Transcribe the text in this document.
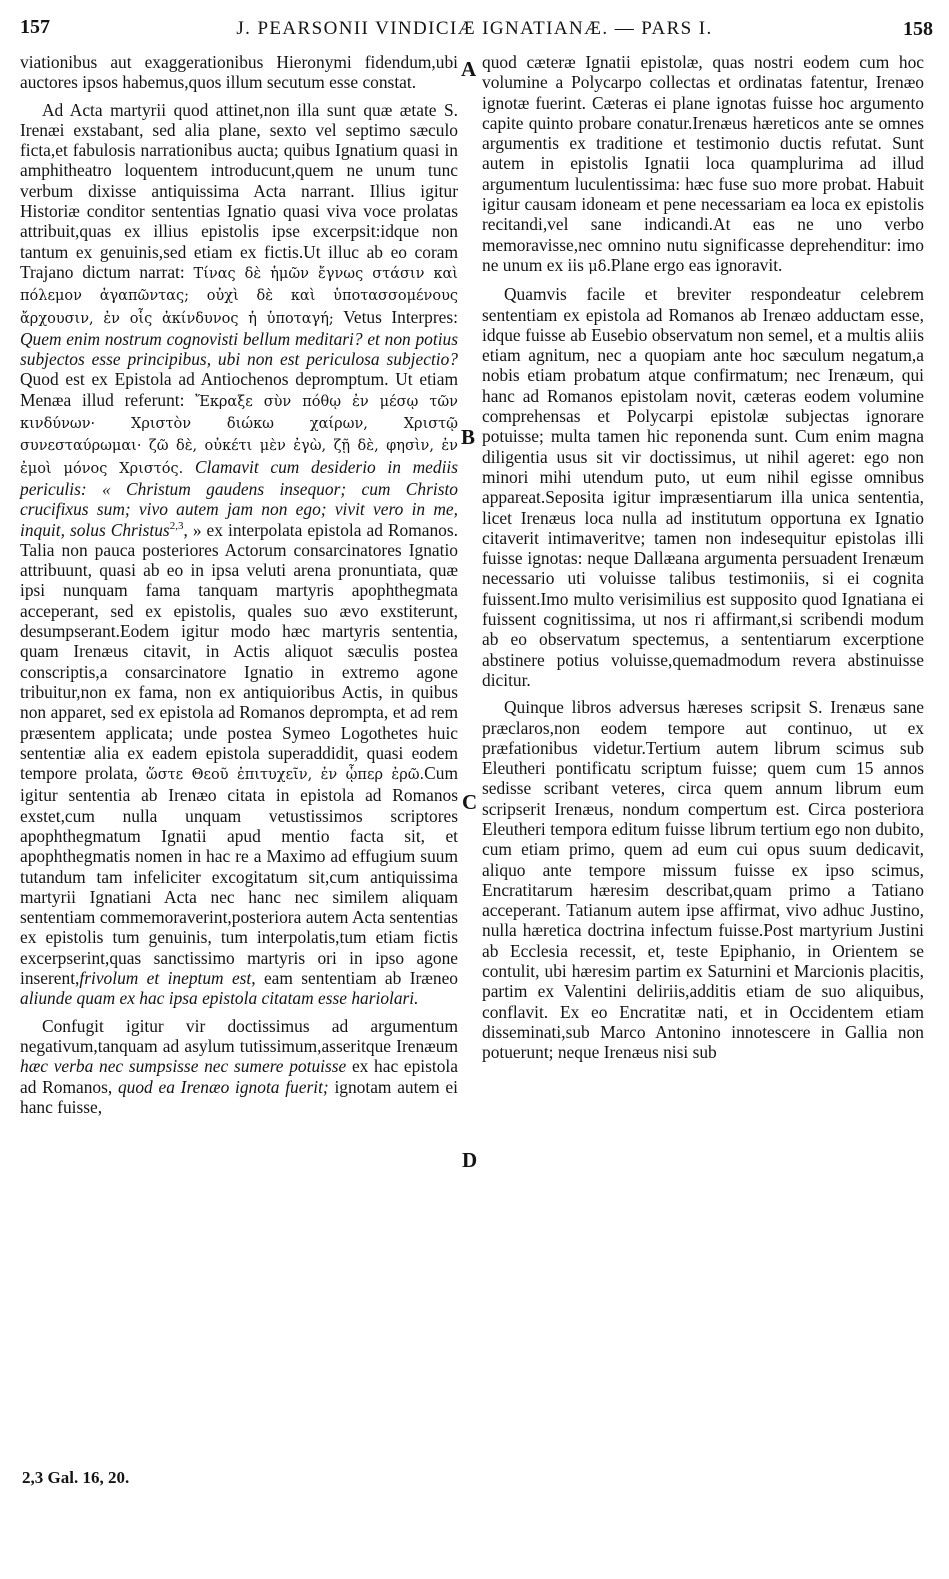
157	J. PEARSONII VINDICIÆ IGNATIANÆ. — PARS I.	158
A
B
C
D

viationibus aut exaggerationibus Hieronymi fidendum,ubi auctores ipsos habemus,quos illum secutum esse constat.

Ad Acta martyrii quod attinet,non illa sunt quæ ætate S. Irenæi exstabant, sed alia plane, sexto vel septimo sæculo ficta,et fabulosis narrationibus aucta; quibus Ignatium quasi in amphitheatro loquentem introducunt,quem ne unum tunc verbum dixisse antiquissima Acta narrant. Illius igitur Historiæ conditor sententias Ignatio quasi viva voce prolatas attribuit,quas ex illius epistolis ipse excerpsit:idque non tantum ex genuinis,sed etiam ex fictis.Ut illuc ab eo coram Trajano dictum narrat: Τίνας δὲ ἡμῶν ἔγνως στάσιν καὶ πόλεμον ἀγαπῶντας; οὐχὶ δὲ καὶ ὑποτασσομένους ἄρχουσιν, ἐν οἷς ἀκίνδυνος ἡ ὑποταγή; Vetus Interpres: Quem enim nostrum cognovisti bellum meditari? et non potius subjectos esse principibus, ubi non est periculosa subjectio? Quod est ex Epistola ad Antiochenos depromptum. Ut etiam Menæa illud referunt: Ἔκραξε σὺν πόθῳ ἐν μέσῳ τῶν κινδύνων· Χριστὸν διώκω χαίρων, Χριστῷ συνεσταύρωμαι· ζῶ δὲ, οὐκέτι μὲν ἐγὼ, ζῇ δὲ, φησὶν, ἐν ἐμοὶ μόνος Χριστός. Clamavit cum desiderio in mediis periculis: « Christum gaudens insequor; cum Christo crucifixus sum; vivo autem jam non ego; vivit vero in me, inquit, solus Christus$^{2,3}$, » ex interpolata epistola ad Romanos. Talia non pauca posteriores Actorum consarcinatores Ignatio attribuunt, quasi ab eo in ipsa veluti arena pronuntiata, quæ ipsi nunquam fama tanquam martyris apophthegmata acceperant, sed ex epistolis, quales suo ævo exstiterunt, desumpserant.Eodem igitur modo hæc martyris sententia, quam Irenæus citavit, in Actis aliquot sæculis postea conscriptis,a consarcinatore Ignatio in extremo agone tribuitur,non ex fama, non ex antiquioribus Actis, in quibus non apparet, sed ex epistola ad Romanos deprompta, et ad rem præsentem applicata; unde postea Symeo Logothetes huic sententiæ alia ex eadem epistola superaddidit, quasi eodem tempore prolata, ὥστε Θεοῦ ἐπιτυχεῖν, ἐν ᾧπερ ἐρῶ.Cum igitur sententia ab Irenæo citata in epistola ad Romanos exstet,cum nulla unquam vetustissimos scriptores apophthegmatum Ignatii apud mentio facta sit, et apophthegmatis nomen in hac re a Maximo ad effugium suum tutandum tam infeliciter excogitatum sit,cum antiquissima martyrii Ignatiani Acta nec hanc nec similem aliquam sententiam commemoraverint,posteriora autem Acta sententias ex epistolis tum genuinis, tum interpolatis,tum etiam fictis excerpserint,quas sanctissimo martyris ori in ipso agone inserent,frivolum et ineptum est, eam sententiam ab Iræneo aliunde quam ex hac ipsa epistola citatam esse hariolari.

Confugit igitur vir doctissimus ad argumentum negativum,tanquam ad asylum tutissimum,asseritque Irenæum hæc verba nec sumpsisse nec sumere potuisse ex hac epistola ad Romanos, quod ea Irenæo ignota fuerit; ignotam autem ei hanc fuisse,

2,3 Gal. 16, 20.

quod cæteræ Ignatii epistolæ, quas nostri eodem cum hoc volumine a Polycarpo collectas et ordinatas fatentur, Irenæo ignotæ fuerint. Cæteras ei plane ignotas fuisse hoc argumento capite quinto probare conatur.Irenæus hæreticos ante se omnes argumentis ex traditione et testimonio ductis refutat. Sunt autem in epistolis Ignatii loca quamplurima ad illud argumentum luculentissima: hæc fuse suo more probat. Habuit igitur causam idoneam et pene necessariam ea loca ex epistolis recitandi,vel sane indicandi.At eas ne uno verbo memoravisse,nec omnino nutu significasse deprehenditur: imo ne unum ex iis μδ.Plane ergo eas ignoravit.

Quamvis facile et breviter respondeatur celebrem sententiam ex epistola ad Romanos ab Irenæo adductam esse, idque fuisse ab Eusebio observatum non semel, et a multis aliis etiam agnitum, nec a quopiam ante hoc sæculum negatum,a nobis etiam probatum atque confirmatum; nec Irenæum, qui hanc ad Romanos epistolam novit, cæteras eodem volumine comprehensas et Polycarpi epistolæ subjectas ignorare potuisse; multa tamen hic reponenda sunt. Cum enim magna diligentia usus sit vir doctissimus, ut nihil ageret: ego non minori mihi utendum puto, ut eum nihil egisse omnibus appareat.Seposita igitur impræsentiarum illa unica sententia, licet Irenæus loca nulla ad institutum opportuna ex Ignatio citaverit intimaveritve; tamen non indesequitur epistolas illi fuisse ignotas: neque Dallæana argumenta persuadent Irenæum necessario uti voluisse talibus testimoniis, si ei cognita fuissent.Imo multo verisimilius est supposito quod Ignatiana ei fuissent cognitissima, ut nos ri affirmant,si scribendi modum ab eo observatum spectemus, a sententiarum excerptione abstinere potius voluisse,quemadmodum revera abstinuisse dicitur.

Quinque libros adversus hæreses scripsit S. Irenæus sane præclaros,non eodem tempore aut continuo, ut ex præfationibus videtur.Tertium autem librum scimus sub Eleutheri pontificatu scriptum fuisse; quem cum 15 annos sedisse scribant veteres, circa quem annum librum eum scripserit Irenæus, nondum compertum est. Circa posteriora Eleutheri tempora editum fuisse librum tertium ego non dubito, cum etiam primo, quem ad eum cui opus suum dedicavit, aliquo ante tempore missum fuisse ex ipso scimus, Encratitarum hæresim describat,quam primo a Tatiano acceperant. Tatianum autem ipse affirmat, vivo adhuc Justino, nulla hæretica doctrina infectum fuisse.Post martyrium Justini ab Ecclesia recessit, et, teste Epiphanio, in Orientem se contulit, ubi hæresim partim ex Saturnini et Marcionis placitis, partim ex Valentini deliriis,additis etiam de suo aliquibus, conflavit. Ex eo Encratitæ nati, et in Occidentem etiam disseminati,sub Marco Antonino innotescere in Gallia non potuerunt; neque Irenæus nisi sub
